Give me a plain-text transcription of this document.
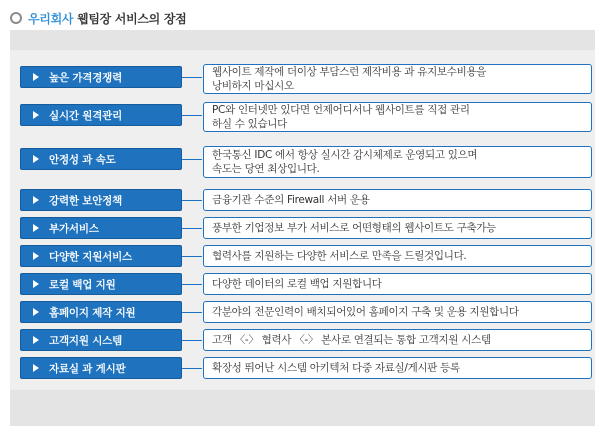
우리회사 웹팀장 서비스의 장점
높은 가격경쟁력	웹사이트 제작에 더이상 부담스런 제작비용 과 유지보수비용을
낭비하지 마십시오
실시간 원격관리	PC와 인터넷만 있다면 언제어디서나 웹사이트를 직접 관리
하실 수 있습니다
안정성 과 속도	한국통신 IDC 에서 항상 실시간 감시체제로 운영되고 있으며
속도는 당연 최상입니다.
강력한 보안정책	금융기관 수준의 Firewall 서버 운용
부가서비스	풍부한 기업정보 부가 서비스로 어떤형태의 웹사이트도 구축가능
다양한 지원서비스	협력사를 지원하는 다양한 서비스로 만족을 드릴것입니다.
로컬 백업 지원	다양한 데이터의 로컬 백업 지원합니다
홈페이지 제작 지원	각분야의 전문인력이 배치되어있어 홈페이지 구축 및 운용 지원합니다
고객지원 시스템	고객 〈-〉 협력사 〈-〉 본사로 연결되는 통합 고객지원 시스템
자료실 과 게시판	확장성 뛰어난 시스템 아키텍처 다중 자료실/게시판 등록
